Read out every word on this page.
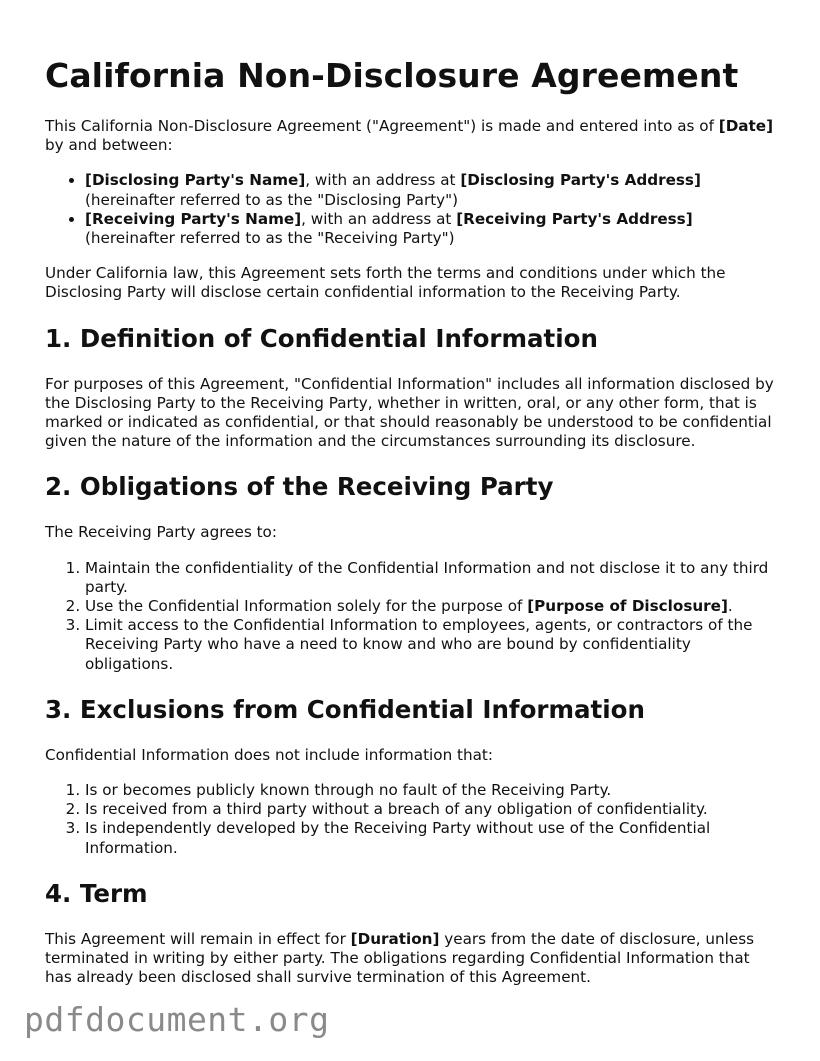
California Non-Disclosure Agreement

This California Non-Disclosure Agreement ("Agreement") is made and entered into as of [Date] by and between:

• [Disclosing Party's Name], with an address at [Disclosing Party's Address] (hereinafter referred to as the "Disclosing Party")
• [Receiving Party's Name], with an address at [Receiving Party's Address] (hereinafter referred to as the "Receiving Party")

Under California law, this Agreement sets forth the terms and conditions under which the Disclosing Party will disclose certain confidential information to the Receiving Party.

1. Definition of Confidential Information

For purposes of this Agreement, "Confidential Information" includes all information disclosed by the Disclosing Party to the Receiving Party, whether in written, oral, or any other form, that is marked or indicated as confidential, or that should reasonably be understood to be confidential given the nature of the information and the circumstances surrounding its disclosure.

2. Obligations of the Receiving Party

The Receiving Party agrees to:

1. Maintain the confidentiality of the Confidential Information and not disclose it to any third party.
2. Use the Confidential Information solely for the purpose of [Purpose of Disclosure].
3. Limit access to the Confidential Information to employees, agents, or contractors of the Receiving Party who have a need to know and who are bound by confidentiality obligations.
3. Exclusions from Confidential Information

Confidential Information does not include information that:

1. Is or becomes publicly known through no fault of the Receiving Party.
2. Is received from a third party without a breach of any obligation of confidentiality.
3. Is independently developed by the Receiving Party without use of the Confidential Information.
4. Term

This Agreement will remain in effect for [Duration] years from the date of disclosure, unless terminated in writing by either party. The obligations regarding Confidential Information that has already been disclosed shall survive termination of this Agreement.

pdfdocument.org
